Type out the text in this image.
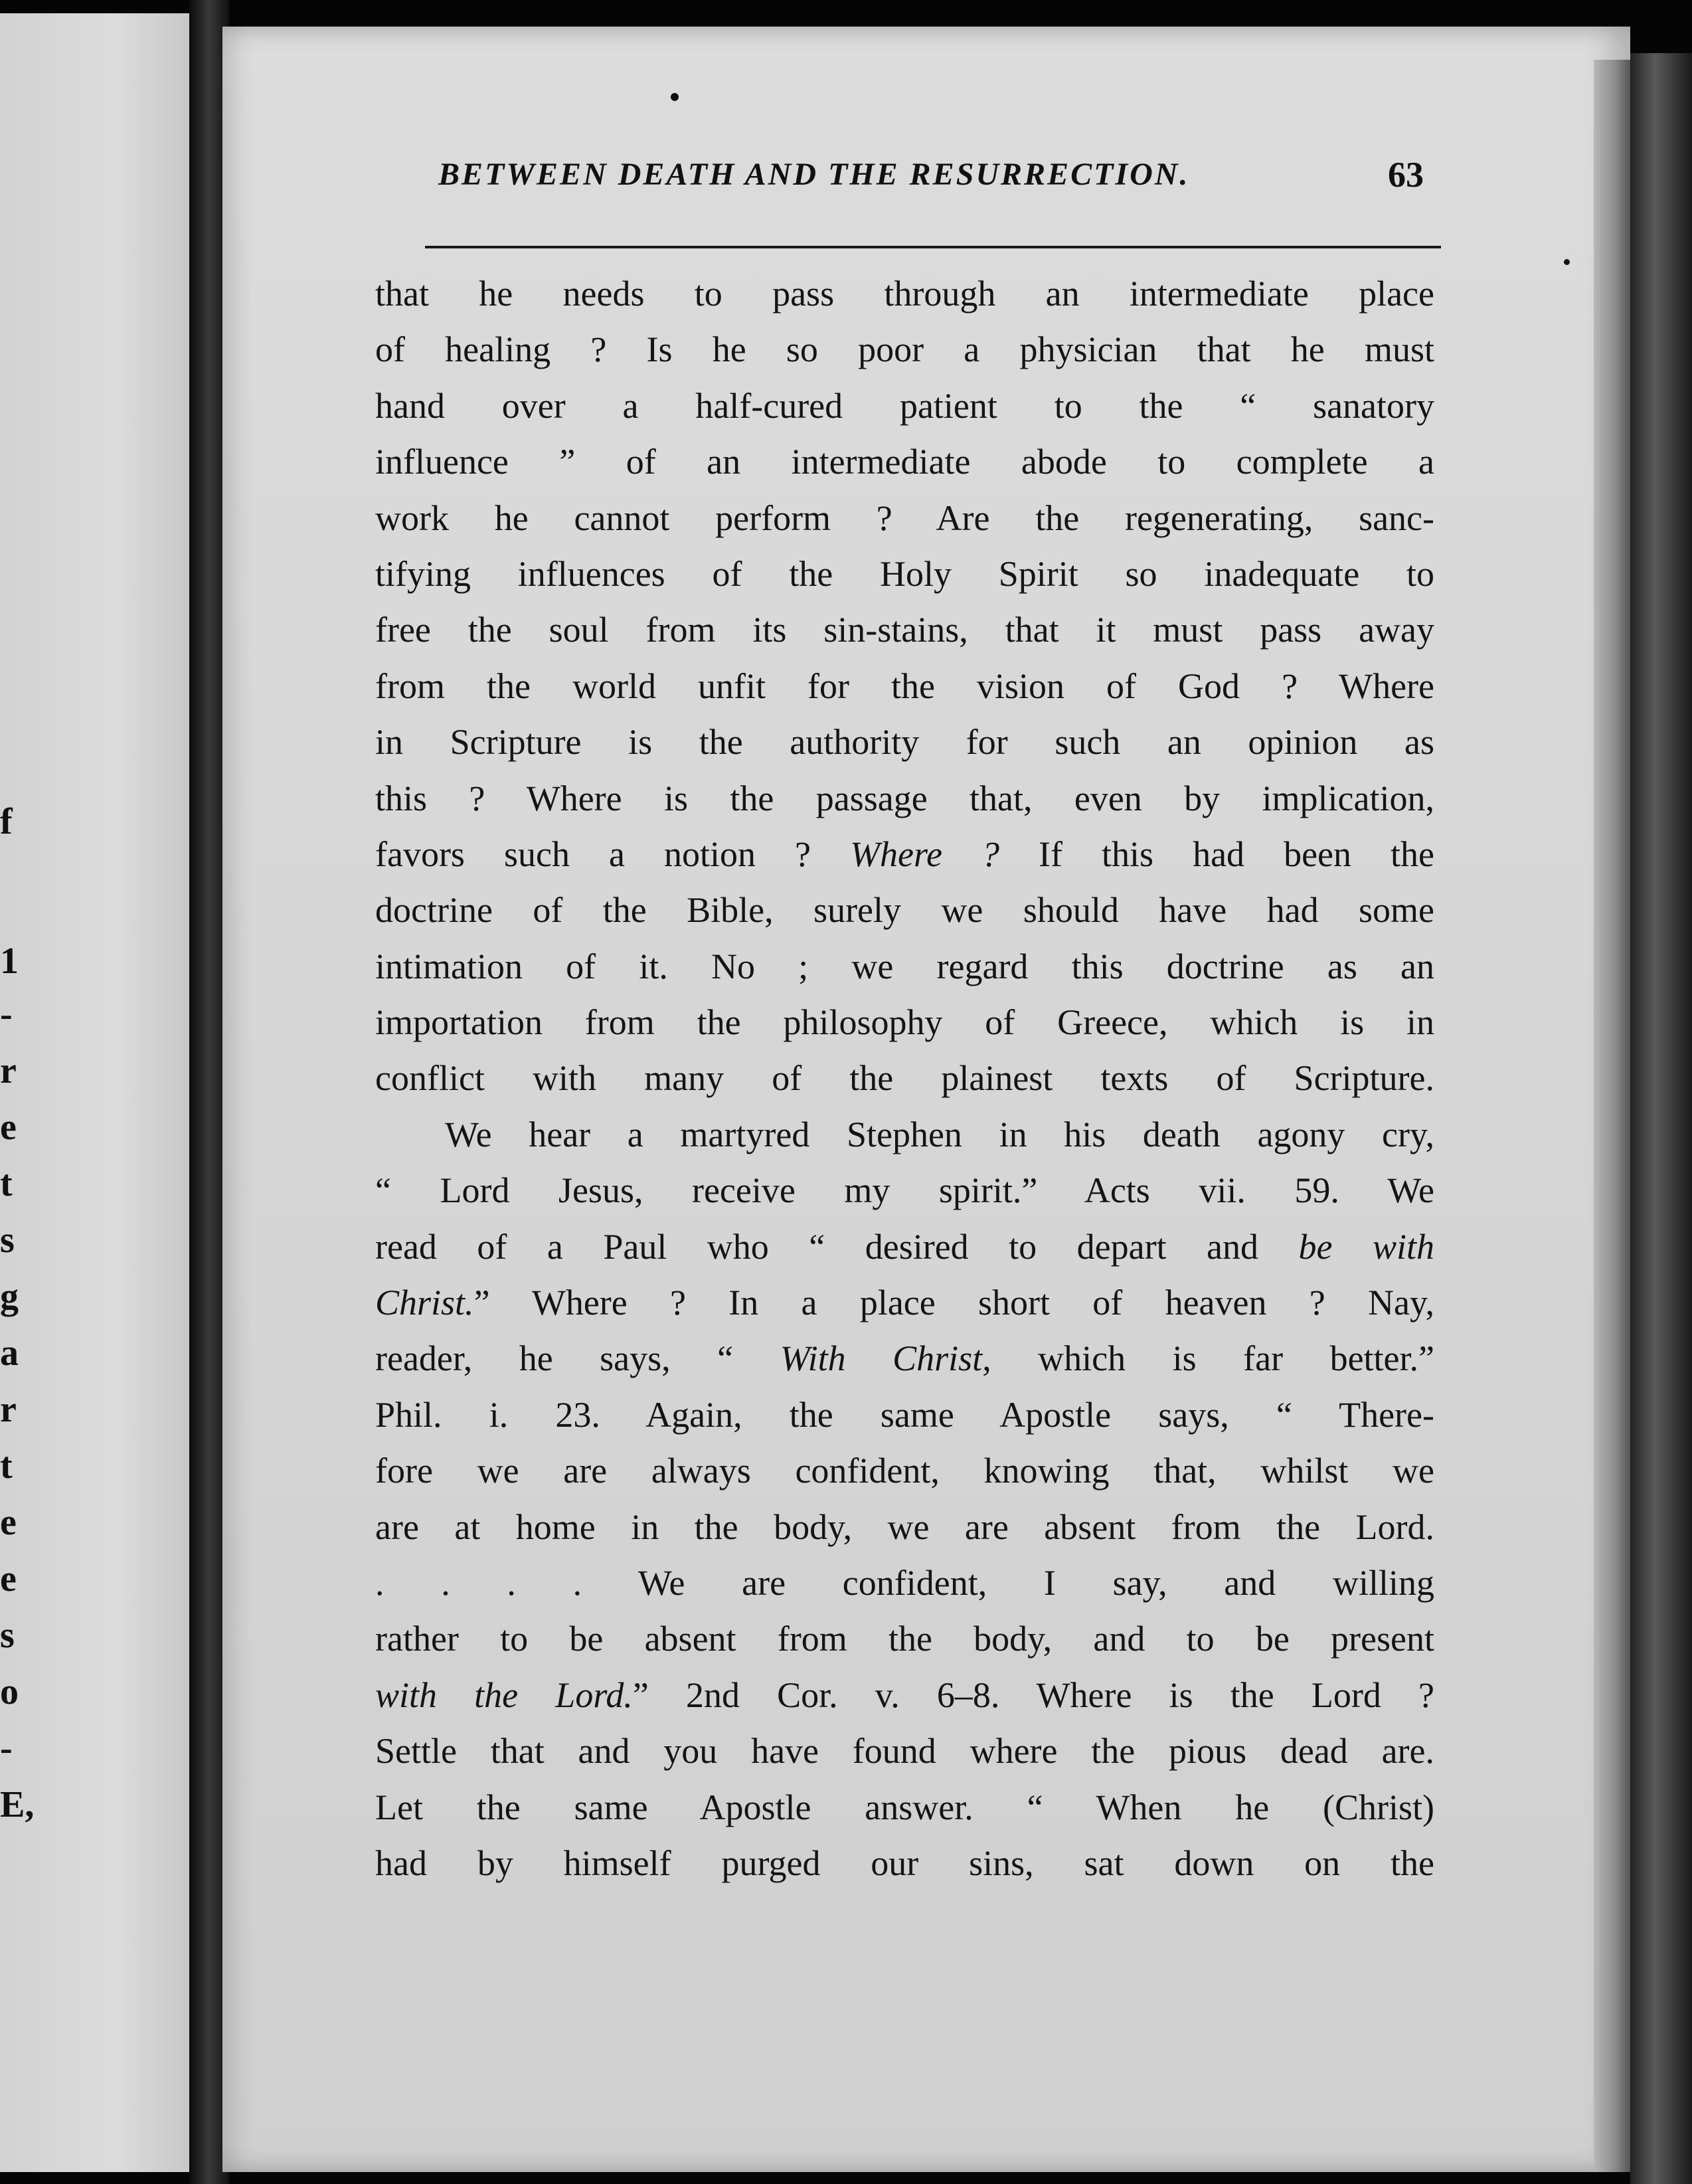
f
1
-
r
e
t
s
g
a
r
t
e
e
s
o
-
E,
BETWEEN DEATH AND THE RESURRECTION.	63
that he needs to pass through an intermediate place
of healing ? Is he so poor a physician that he must
hand over a half-cured patient to the “ sanatory
influence ” of an intermediate abode to complete a
work he cannot perform ? Are the regenerating, sanc-
tifying influences of the Holy Spirit so inadequate to
free the soul from its sin-stains, that it must pass away
from the world unfit for the vision of God ? Where
in Scripture is the authority for such an opinion as
this ? Where is the passage that, even by implication,
favors such a notion ? Where ? If this had been the
doctrine of the Bible, surely we should have had some
intimation of it. No ; we regard this doctrine as an
importation from the philosophy of Greece, which is in
conflict with many of the plainest texts of Scripture.
We hear a martyred Stephen in his death agony cry,
“ Lord Jesus, receive my spirit.” Acts vii. 59. We
read of a Paul who “ desired to depart and be with
Christ.” Where ? In a place short of heaven ? Nay,
reader, he says, “ With Christ, which is far better.”
Phil. i. 23. Again, the same Apostle says, “ There-
fore we are always confident, knowing that, whilst we
are at home in the body, we are absent from the Lord.
. . . . We are confident, I say, and willing
rather to be absent from the body, and to be present
with the Lord.” 2nd Cor. v. 6–8. Where is the Lord ?
Settle that and you have found where the pious dead are.
Let the same Apostle answer. “ When he (Christ)
had by himself purged our sins, sat down on the
